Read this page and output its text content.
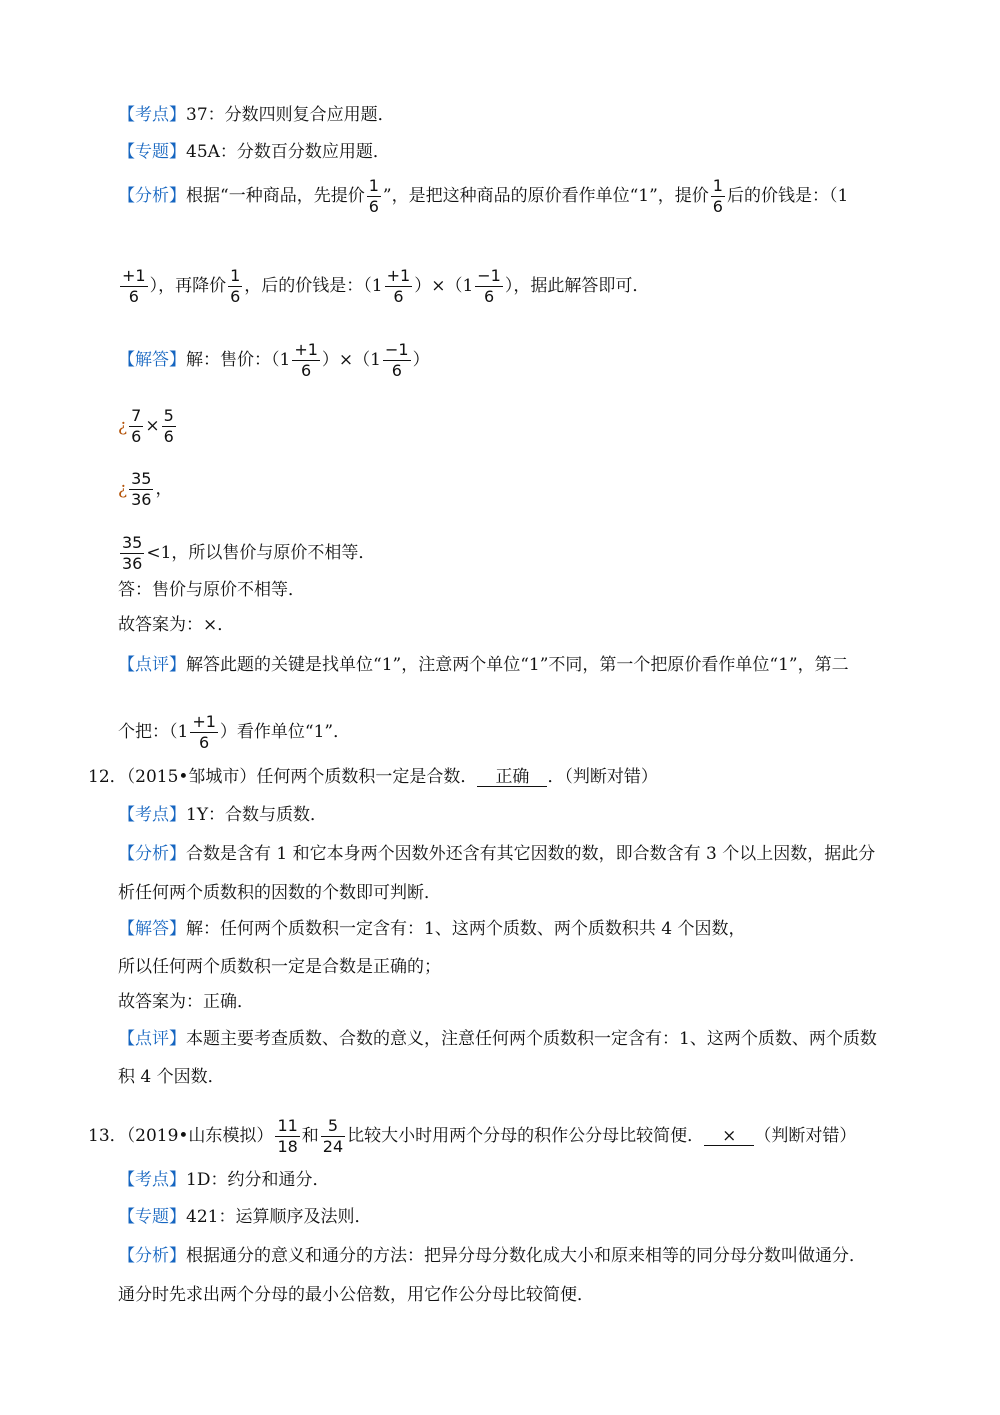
【考点】37：分数四则复合应用题．
【专题】45A：分数百分数应用题．
【分析】根据“一种商品，先提价 $\frac{1}{6}$ ”，是把这种商品的原价看作单位“1”，提价 $\frac{1}{6}$ 后的价钱是：（1
$\frac{+1}{6}$ ），再降价 $\frac{1}{6}$ ，后的价钱是：$(1 \frac{+1}{6} )\times(1 \frac{-1}{6}$ ），据此解答即可．
【解答】解：售价：$(1 \frac{+1}{6} )\times(1 \frac{-1}{6}$ ）
¿ $\frac{7}{6} \times \frac{5}{6}$
¿ $\frac{35}{36}$ ，
$\frac{35}{36} <1$，所以售价与原价不相等．
答：售价与原价不相等．
故答案为：×．
【点评】解答此题的关键是找单位“1”，注意两个单位“1”不同，第一个把原价看作单位“1”，第二
个把：（$1 \frac{+1}{6}$ ）看作单位“1”．
12．（2015•邹城市）任何两个质数积一定是合数． 正确 ．（判断对错）
【考点】1Y：合数与质数．
【分析】合数是含有 1 和它本身两个因数外还含有其它因数的数，即合数含有 3 个以上因数，据此分
析任何两个质数积的因数的个数即可判断．
【解答】解：任何两个质数积一定含有：1、这两个质数、两个质数积共 4 个因数，
所以任何两个质数积一定是合数是正确的；
故答案为：正确．
【点评】本题主要考查质数、合数的意义，注意任何两个质数积一定含有：1、这两个质数、两个质数
积 4 个因数．
13．（2019•山东模拟） $\frac{11}{18}$ 和 $\frac{5}{24}$ 比较大小时用两个分母的积作公分母比较简便． × （判断对错）
【考点】1D：约分和通分．
【专题】421：运算顺序及法则．
【分析】根据通分的意义和通分的方法：把异分母分数化成大小和原来相等的同分母分数叫做通分．
通分时先求出两个分母的最小公倍数，用它作公分母比较简便．
